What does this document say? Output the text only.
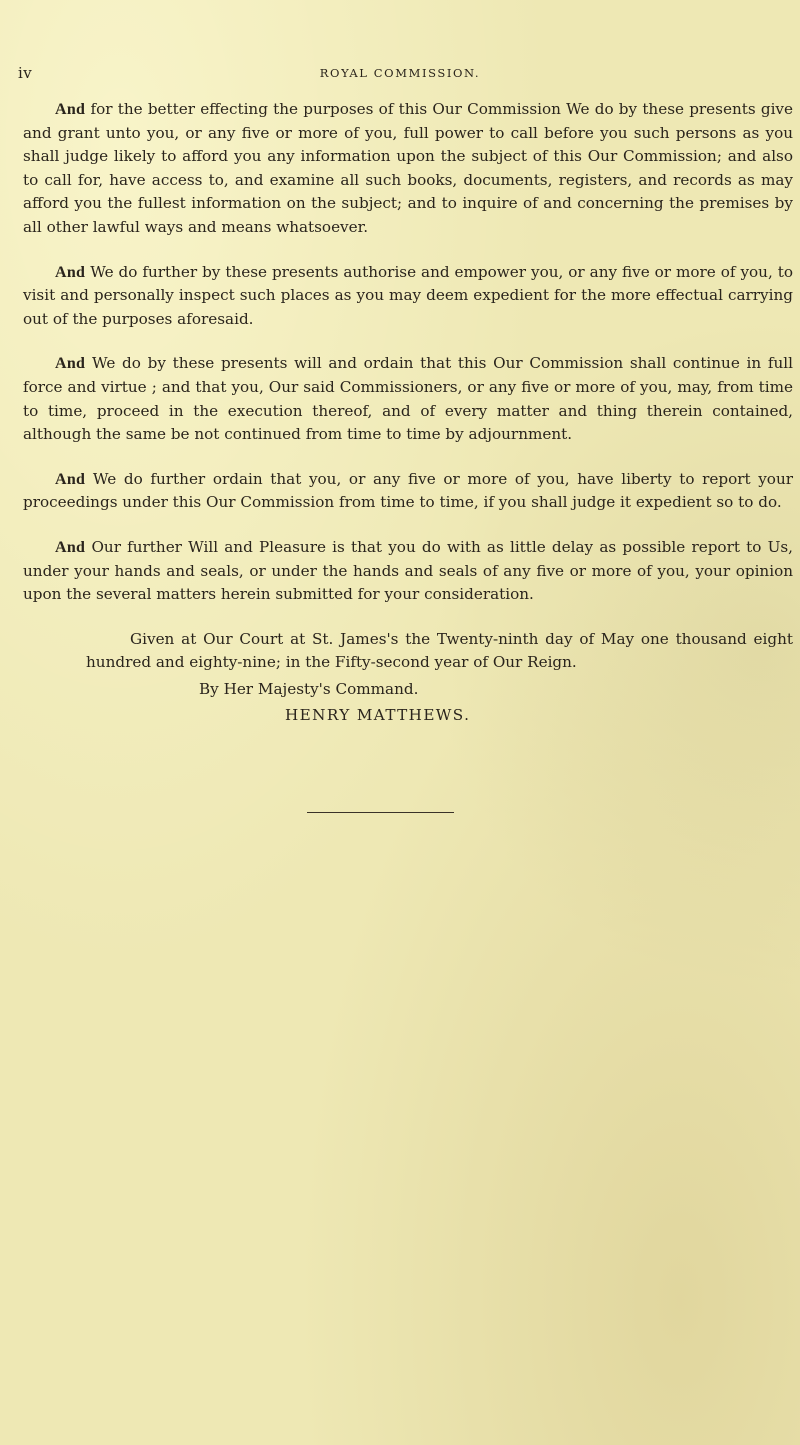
iv	ROYAL COMMISSION.

And for the better effecting the purposes of this Our Commission We do by these presents give and grant unto you, or any five or more of you, full power to call before you such persons as you shall judge likely to afford you any information upon the subject of this Our Commission; and also to call for, have access to, and examine all such books, documents, registers, and records as may afford you the fullest information on the subject; and to inquire of and concerning the premises by all other lawful ways and means whatsoever.

And We do further by these presents authorise and empower you, or any five or more of you, to visit and personally inspect such places as you may deem expedient for the more effectual carrying out of the purposes aforesaid.

And We do by these presents will and ordain that this Our Commission shall continue in full force and virtue ; and that you, Our said Commissioners, or any five or more of you, may, from time to time, proceed in the execution thereof, and of every matter and thing therein contained, although the same be not continued from time to time by adjournment.

And We do further ordain that you, or any five or more of you, have liberty to report your proceedings under this Our Commission from time to time, if you shall judge it expedient so to do.

And Our further Will and Pleasure is that you do with as little delay as possible report to Us, under your hands and seals, or under the hands and seals of any five or more of you, your opinion upon the several matters herein submitted for your consideration.

Given at Our Court at St. James's the Twenty-ninth day of May one thousand eight hundred and eighty-nine; in the Fifty-second year of Our Reign.

By Her Majesty's Command.

HENRY MATTHEWS.
